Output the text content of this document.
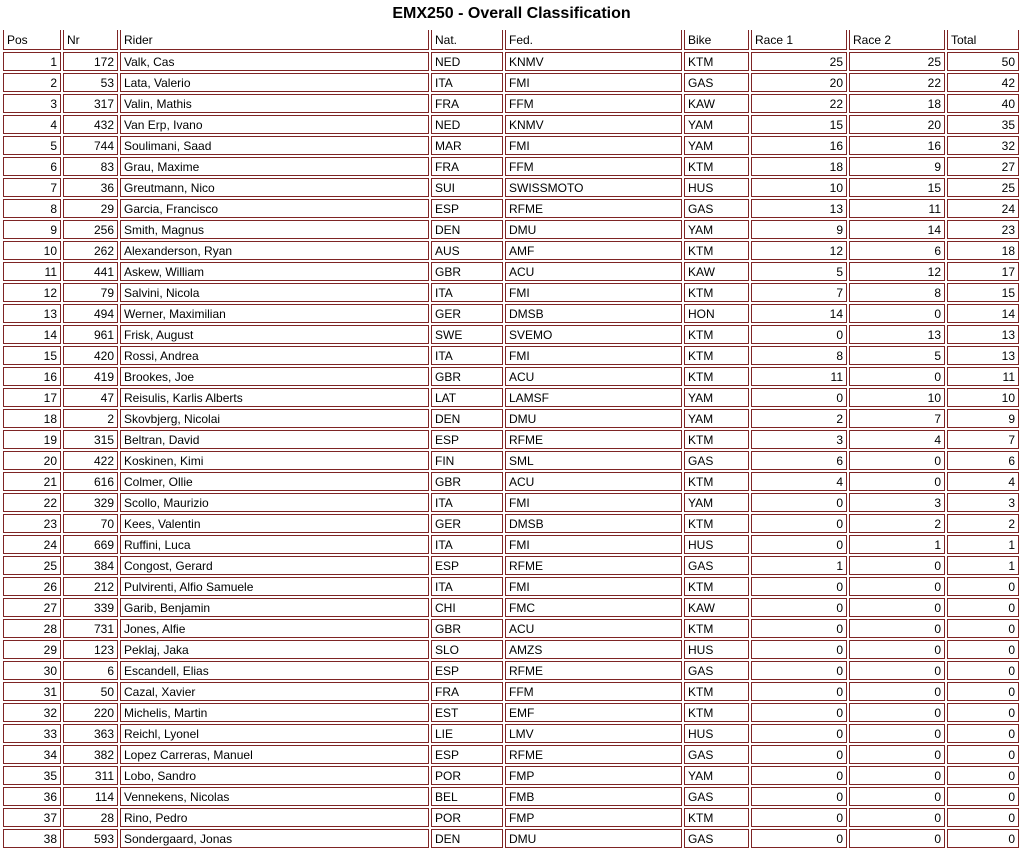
EMX250 - Overall Classification
Pos	Nr	Rider	Nat.	Fed.	Bike	Race 1	Race 2	Total
1	172	Valk, Cas	NED	KNMV	KTM	25	25	50
2	53	Lata, Valerio	ITA	FMI	GAS	20	22	42
3	317	Valin, Mathis	FRA	FFM	KAW	22	18	40
4	432	Van Erp, Ivano	NED	KNMV	YAM	15	20	35
5	744	Soulimani, Saad	MAR	FMI	YAM	16	16	32
6	83	Grau, Maxime	FRA	FFM	KTM	18	9	27
7	36	Greutmann, Nico	SUI	SWISSMOTO	HUS	10	15	25
8	29	Garcia, Francisco	ESP	RFME	GAS	13	11	24
9	256	Smith, Magnus	DEN	DMU	YAM	9	14	23
10	262	Alexanderson, Ryan	AUS	AMF	KTM	12	6	18
11	441	Askew, William	GBR	ACU	KAW	5	12	17
12	79	Salvini, Nicola	ITA	FMI	KTM	7	8	15
13	494	Werner, Maximilian	GER	DMSB	HON	14	0	14
14	961	Frisk, August	SWE	SVEMO	KTM	0	13	13
15	420	Rossi, Andrea	ITA	FMI	KTM	8	5	13
16	419	Brookes, Joe	GBR	ACU	KTM	11	0	11
17	47	Reisulis, Karlis Alberts	LAT	LAMSF	YAM	0	10	10
18	2	Skovbjerg, Nicolai	DEN	DMU	YAM	2	7	9
19	315	Beltran, David	ESP	RFME	KTM	3	4	7
20	422	Koskinen, Kimi	FIN	SML	GAS	6	0	6
21	616	Colmer, Ollie	GBR	ACU	KTM	4	0	4
22	329	Scollo, Maurizio	ITA	FMI	YAM	0	3	3
23	70	Kees, Valentin	GER	DMSB	KTM	0	2	2
24	669	Ruffini, Luca	ITA	FMI	HUS	0	1	1
25	384	Congost, Gerard	ESP	RFME	GAS	1	0	1
26	212	Pulvirenti, Alfio Samuele	ITA	FMI	KTM	0	0	0
27	339	Garib, Benjamin	CHI	FMC	KAW	0	0	0
28	731	Jones, Alfie	GBR	ACU	KTM	0	0	0
29	123	Peklaj, Jaka	SLO	AMZS	HUS	0	0	0
30	6	Escandell, Elias	ESP	RFME	GAS	0	0	0
31	50	Cazal, Xavier	FRA	FFM	KTM	0	0	0
32	220	Michelis, Martin	EST	EMF	KTM	0	0	0
33	363	Reichl, Lyonel	LIE	LMV	HUS	0	0	0
34	382	Lopez Carreras, Manuel	ESP	RFME	GAS	0	0	0
35	311	Lobo, Sandro	POR	FMP	YAM	0	0	0
36	114	Vennekens, Nicolas	BEL	FMB	GAS	0	0	0
37	28	Rino, Pedro	POR	FMP	KTM	0	0	0
38	593	Sondergaard, Jonas	DEN	DMU	GAS	0	0	0
